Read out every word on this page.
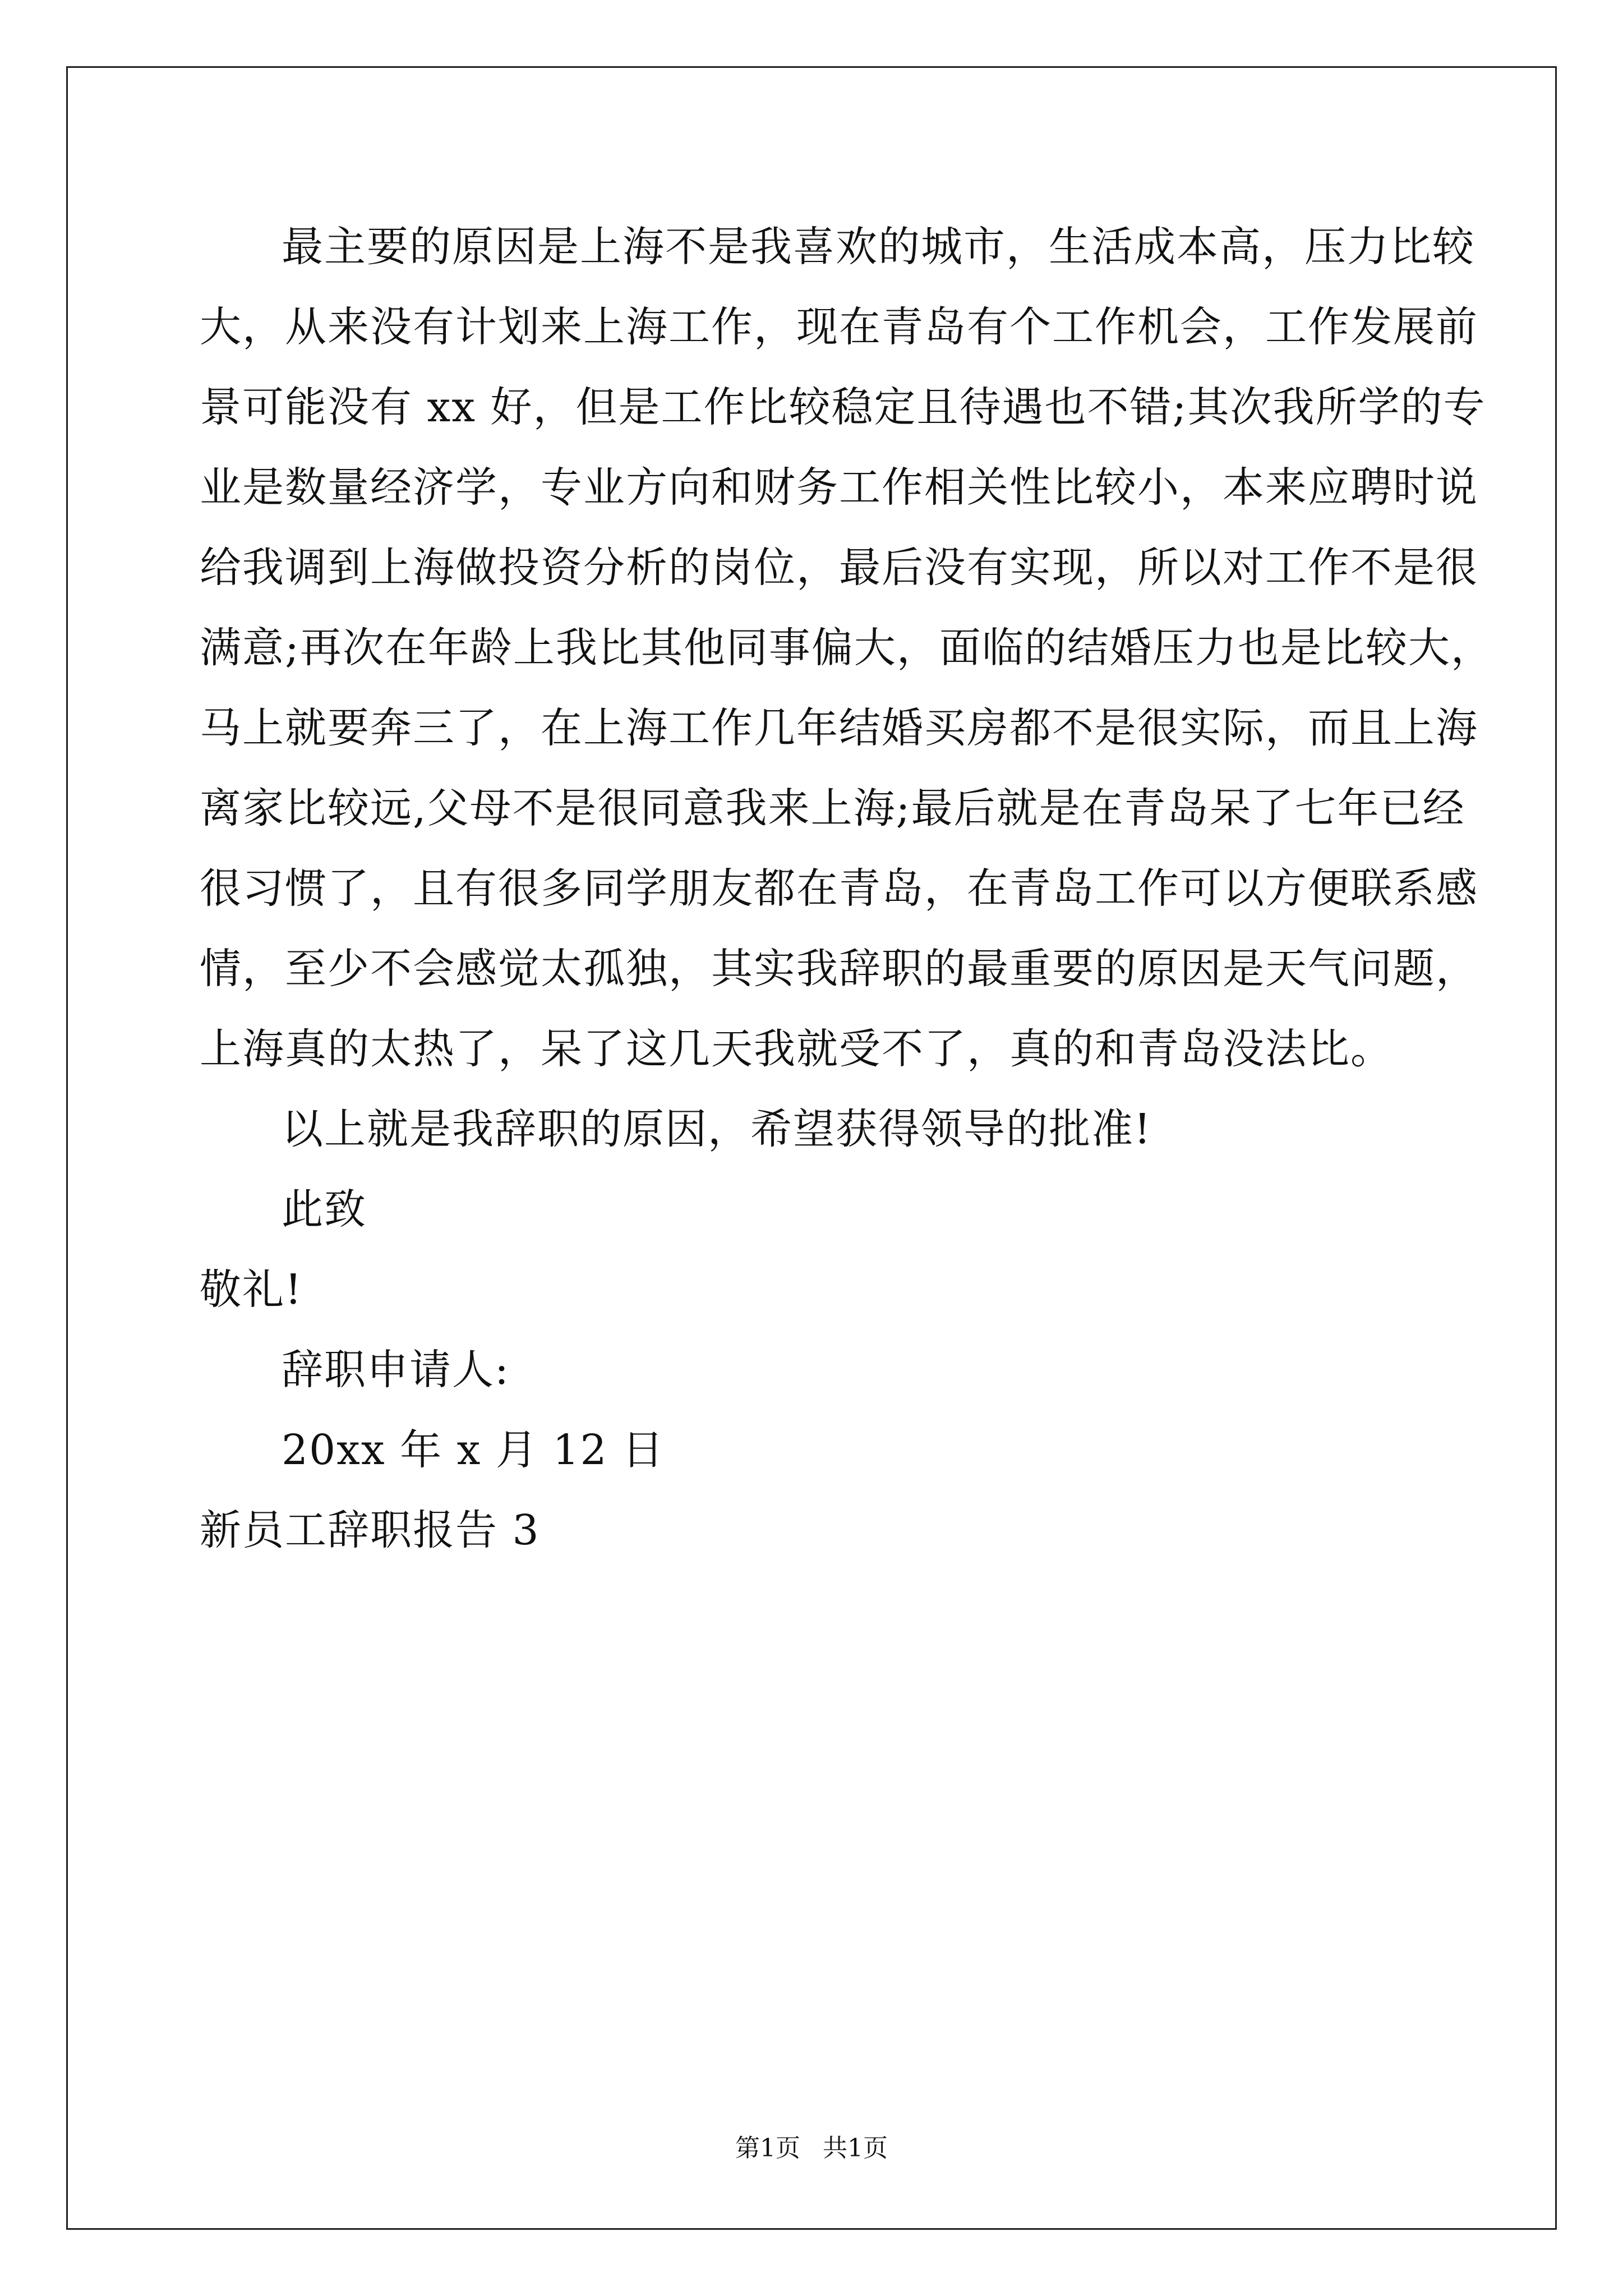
最主要的原因是上海不是我喜欢的城市，生活成本高，压力比较
大，从来没有计划来上海工作，现在青岛有个工作机会，工作发展前
景可能没有 xx 好，但是工作比较稳定且待遇也不错;其次我所学的专
业是数量经济学，专业方向和财务工作相关性比较小，本来应聘时说
给我调到上海做投资分析的岗位，最后没有实现，所以对工作不是很
满意;再次在年龄上我比其他同事偏大，面临的结婚压力也是比较大，
马上就要奔三了，在上海工作几年结婚买房都不是很实际，而且上海
离家比较远,父母不是很同意我来上海;最后就是在青岛呆了七年已经
很习惯了，且有很多同学朋友都在青岛，在青岛工作可以方便联系感
情，至少不会感觉太孤独，其实我辞职的最重要的原因是天气问题，
上海真的太热了，呆了这几天我就受不了，真的和青岛没法比。
以上就是我辞职的原因，希望获得领导的批准!
此致
敬礼!
辞职申请人:
20xx 年 x 月 12 日
新员工辞职报告 3
第1页 共1页
